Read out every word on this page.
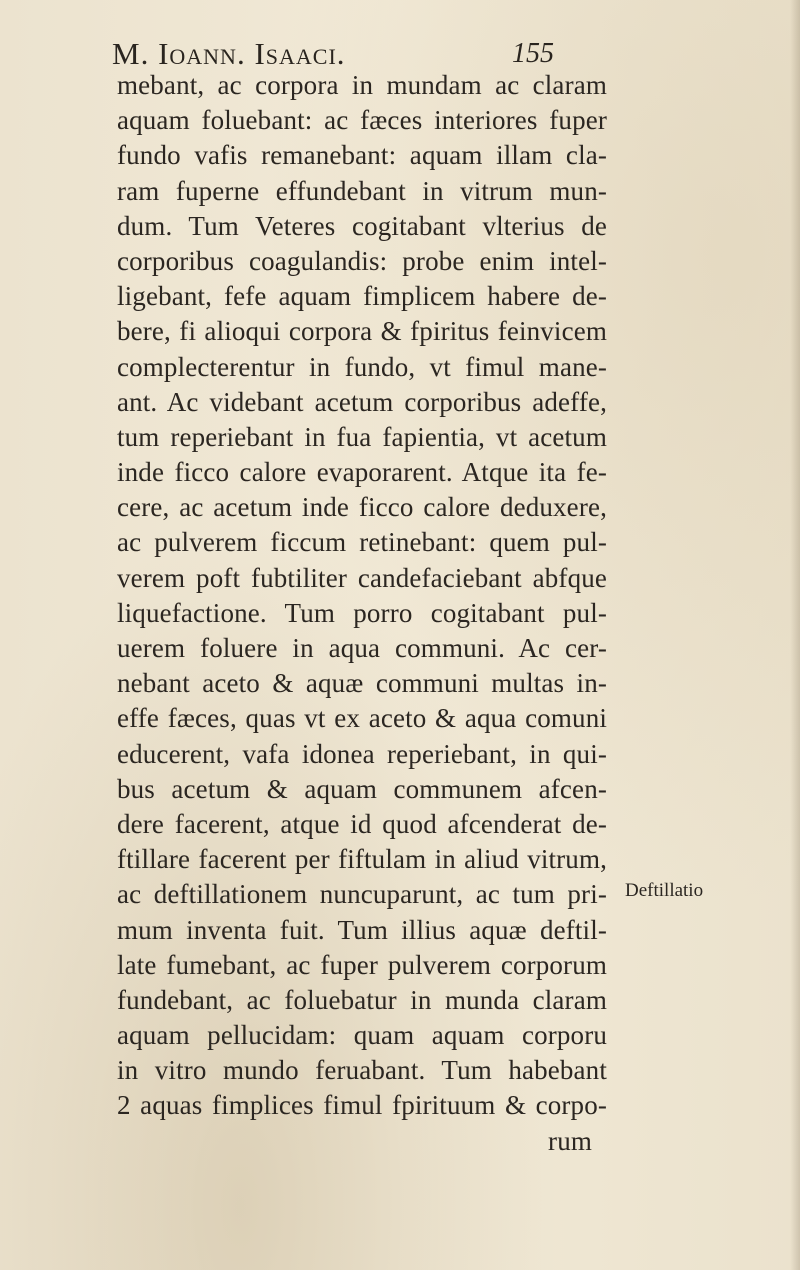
M. Ioann. Isaaci.	155
mebant, ac corpora in mundam ac claram
aquam foluebant: ac fæces interiores fuper
fundo vafis remanebant: aquam illam cla-
ram fuperne effundebant in vitrum mun-
dum. Tum Veteres cogitabant vlterius de
corporibus coagulandis: probe enim intel-
ligebant, fefe aquam fimplicem habere de-
bere, fi alioqui corpora & fpiritus feinvicem
complecterentur in fundo, vt fimul mane-
ant. Ac videbant acetum corporibus adeffe,
tum reperiebant in fua fapientia, vt acetum
inde ficco calore evaporarent. Atque ita fe-
cere, ac acetum inde ficco calore deduxere,
ac pulverem ficcum retinebant: quem pul-
verem poft fubtiliter candefaciebant abfque
liquefactione. Tum porro cogitabant pul-
uerem foluere in aqua communi. Ac cer-
nebant aceto & aquæ communi multas in-
effe fæces, quas vt ex aceto & aqua comuni
educerent, vafa idonea reperiebant, in qui-
bus acetum & aquam communem afcen-
dere facerent, atque id quod afcenderat de-
ftillare facerent per fiftulam in aliud vitrum,
ac deftillationem nuncuparunt, ac tum pri-
mum inventa fuit. Tum illius aquæ deftil-
late fumebant, ac fuper pulverem corporum
fundebant, ac foluebatur in munda claram
aquam pellucidam: quam aquam corporu
in vitro mundo feruabant. Tum habebant
2 aquas fimplices fimul fpirituum & corpo-
rum
Deftillatio
